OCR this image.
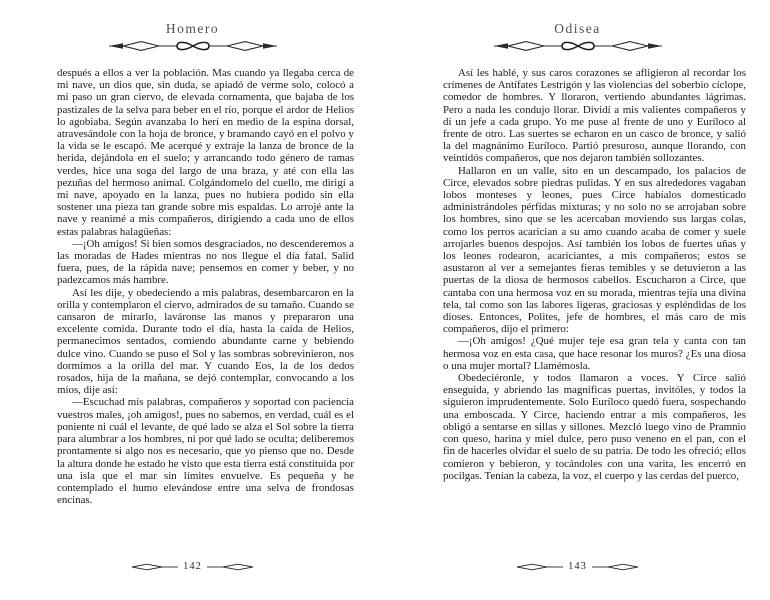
Homero

después a ellos a ver la población. Mas cuando ya llegaba cerca de mi nave, un dios que, sin duda, se apiadó de verme solo, colocó a mi paso un gran ciervo, de elevada cornamenta, que bajaba de los pastizales de la selva para beber en el río, porque el ardor de Helios lo agobiaba. Según avanzaba lo herí en medio de la espina dorsal, atravesándole con la hoja de bronce, y bramando cayó en el polvo y la vida se le escapó. Me acerqué y extraje la lanza de bronce de la herida, dejándola en el suelo; y arrancando todo género de ramas verdes, hice una soga del largo de una braza, y até con ella las pezuñas del hermoso animal. Colgándomelo del cuello, me dirigí a mi nave, apoyado en la lanza, pues no hubiera podido sin ella sostener una pieza tan grande sobre mis espaldas. Lo arrojé ante la nave y reanimé a mis compañeros, dirigiendo a cada uno de ellos estas palabras halagüeñas:

—¡Oh amigos! Si bien somos desgraciados, no descenderemos a las moradas de Hades mientras no nos llegue el día fatal. Salid fuera, pues, de la rápida nave; pensemos en comer y beber, y no padezcamos más hambre.

Así les dije, y obedeciendo a mis palabras, desembarcaron en la orilla y contemplaron el ciervo, admirados de su tamaño. Cuando se cansaron de mirarlo, laváronse las manos y prepararon una excelente comida. Durante todo el día, hasta la caída de Helios, permanecimos sentados, comiendo abundante carne y bebiendo dulce vino. Cuando se puso el Sol y las sombras sobrevinieron, nos dormimos a la orilla del mar. Y cuando Eos, la de los dedos rosados, hija de la mañana, se dejó contemplar, convocando a los míos, dije así:

—Escuchad mis palabras, compañeros y soportad con paciencia vuestros males, ¡oh amigos!, pues no sabemos, en verdad, cuál es el poniente ni cuál el levante, de qué lado se alza el Sol sobre la tierra para alumbrar a los hombres, ni por qué lado se oculta; deliberemos prontamente si algo nos es necesario, que yo pienso que no. Desde la altura donde he estado he visto que esta tierra está constituida por una isla que el mar sin límites envuelve. Es pequeña y he contemplado el humo elevándose entre una selva de frondosas encinas.

142
Odisea

Así les hablé, y sus caros corazones se afligieron al recordar los crímenes de Antífates Lestrigón y las violencias del soberbio cíclope, comedor de hombres. Y lloraron, vertiendo abundantes lágrimas. Pero a nada les condujo llorar. Dividí a mis valientes compañeros y di un jefe a cada grupo. Yo me puse al frente de uno y Euríloco al frente de otro. Las suertes se echaron en un casco de bronce, y salió la del magnánimo Euríloco. Partió presuroso, aunque llorando, con veintidós compañeros, que nos dejaron también sollozantes.

Hallaron en un valle, sito en un descampado, los palacios de Circe, elevados sobre piedras pulidas. Y en sus alrededores vagaban lobos monteses y leones, pues Circe habíalos domesticado administrándoles pérfidas mixturas; y no solo no se arrojaban sobre los hombres, sino que se les acercaban moviendo sus largas colas, como los perros acarician a su amo cuando acaba de comer y suele arrojarles buenos despojos. Así también los lobos de fuertes uñas y los leones rodearon, acariciantes, a mis compañeros; estos se asustaron al ver a semejantes fieras temibles y se detuvieron a las puertas de la diosa de hermosos cabellos. Escucharon a Circe, que cantaba con una hermosa voz en su morada, mientras tejía una divina tela, tal como son las labores ligeras, graciosas y espléndidas de los dioses. Entonces, Polites, jefe de hombres, el más caro de mis compañeros, dijo el primero:

—¡Oh amigos! ¿Qué mujer teje esa gran tela y canta con tan hermosa voz en esta casa, que hace resonar los muros? ¿Es una diosa o una mujer mortal? Llamémosla.

Obedeciéronle, y todos llamaron a voces. Y Circe salió enseguida, y abriendo las magníficas puertas, invitóles, y todos la siguieron imprudentemente. Solo Euríloco quedó fuera, sospechando una emboscada. Y Circe, haciendo entrar a mis compañeros, les obligó a sentarse en sillas y sillones. Mezcló luego vino de Pramnio con queso, harina y miel dulce, pero puso veneno en el pan, con el fin de hacerles olvidar el suelo de su patria. De todo les ofreció; ellos comieron y bebieron, y tocándoles con una varita, les encerró en pocilgas. Tenían la cabeza, la voz, el cuerpo y las cerdas del puerco,

143
